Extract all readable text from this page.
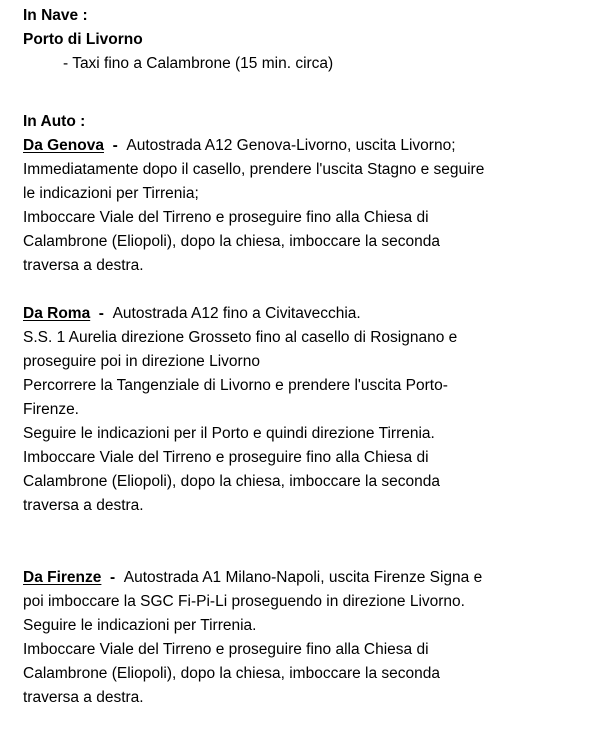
In Nave :
Porto di Livorno
- Taxi fino a Calambrone (15 min. circa)
In Auto :
Da Genova  -  Autostrada A12 Genova-Livorno, uscita Livorno;
Immediatamente dopo il casello, prendere l'uscita Stagno e seguire
le indicazioni per Tirrenia;
Imboccare Viale del Tirreno e proseguire fino alla Chiesa di
Calambrone (Eliopoli), dopo la chiesa, imboccare la seconda
traversa a destra.
Da Roma  -  Autostrada A12 fino a Civitavecchia.
S.S. 1 Aurelia direzione Grosseto fino al casello di Rosignano e
proseguire poi in direzione Livorno
Percorrere la Tangenziale di Livorno e prendere l'uscita Porto-
Firenze.
Seguire le indicazioni per il Porto e quindi direzione Tirrenia.
Imboccare Viale del Tirreno e proseguire fino alla Chiesa di
Calambrone (Eliopoli), dopo la chiesa, imboccare la seconda
traversa a destra.
Da Firenze  -  Autostrada A1 Milano-Napoli, uscita Firenze Signa e
poi imboccare la SGC Fi-Pi-Li proseguendo in direzione Livorno.
Seguire le indicazioni per Tirrenia.
Imboccare Viale del Tirreno e proseguire fino alla Chiesa di
Calambrone (Eliopoli), dopo la chiesa, imboccare la seconda
traversa a destra.
